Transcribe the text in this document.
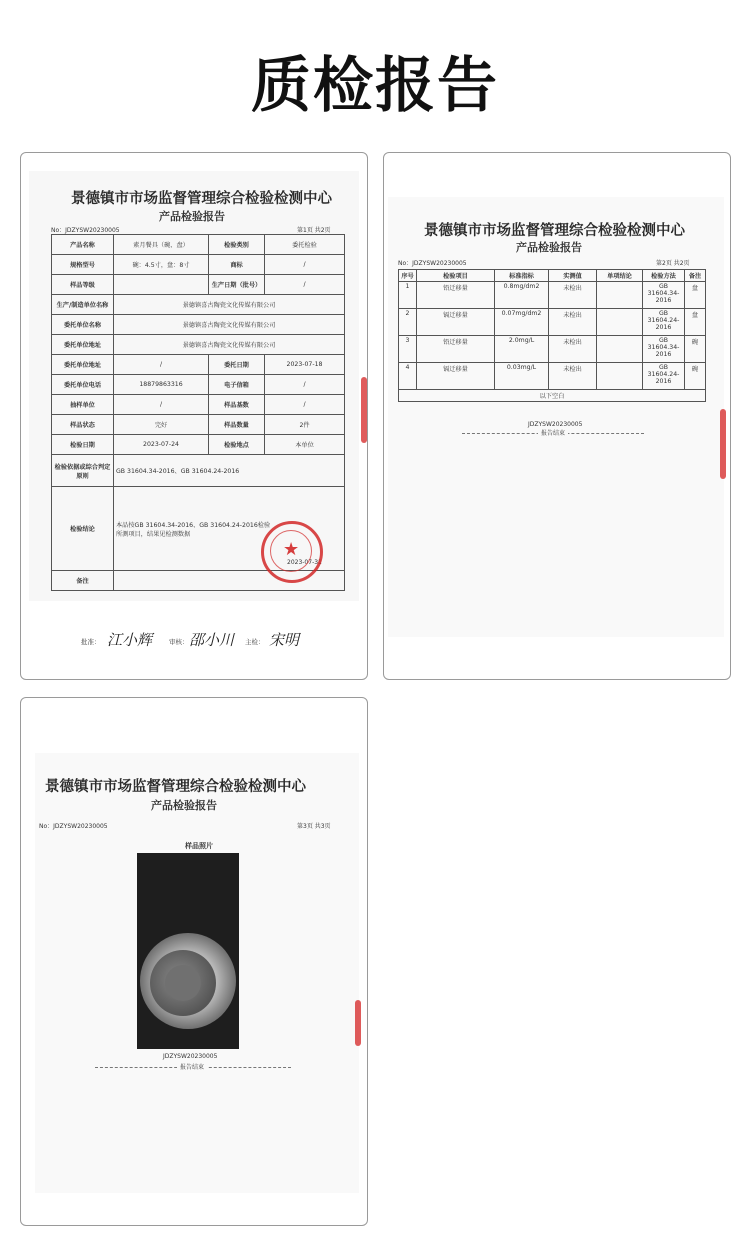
质检报告
景德镇市市场监督管理综合检验检测中心
产品检验报告
No：JDZYSW20230005	第1页 共2页
产品名称	素月餐具（碗、盘）	检验类别	委托检验
规格型号	碗：4.5寸，盘：8寸	商标	/
样品等级		生产日期（批号）	/
生产/制造单位名称	景德镇喜古陶瓷文化传媒有限公司		
委托单位名称	景德镇喜古陶瓷文化传媒有限公司		
委托单位地址	景德镇喜古陶瓷文化传媒有限公司		
委托单位地址	/	委托日期	2023-07-18
委托单位电话	18879863316	电子信箱	/
抽样单位	/	样品基数	/
样品状态	完好	样品数量	2件
检验日期	2023-07-24	检验地点	本单位
检验依据或综合判定原则	GB 31604.34-2016、GB 31604.24-2016		
检验结论	本品按GB 31604.34-2016、GB 31604.24-2016检验所测项目，结果见检测数据		
备注			
2023-07-31
★
批准： 江小辉	审核： 邵小川 主检： 宋明
景德镇市市场监督管理综合检验检测中心
产品检验报告
No：JDZYSW20230005	第2页 共2页
序号	检验项目	标准指标	实测值	单项结论	检验方法	备注
1	铅迁移量	0.8mg/dm2	未检出		GB 31604.34-2016	盘
2	镉迁移量	0.07mg/dm2	未检出		GB 31604.24-2016	盘
3	铅迁移量	2.0mg/L	未检出		GB 31604.34-2016	碗
4	镉迁移量	0.03mg/L	未检出		GB 31604.24-2016	碗
以下空白						
JDZYSW20230005
报告结束
景德镇市市场监督管理综合检验检测中心
产品检验报告
No：JDZYSW20230005	第3页 共3页
样品照片
JDZYSW20230005
报告结束
